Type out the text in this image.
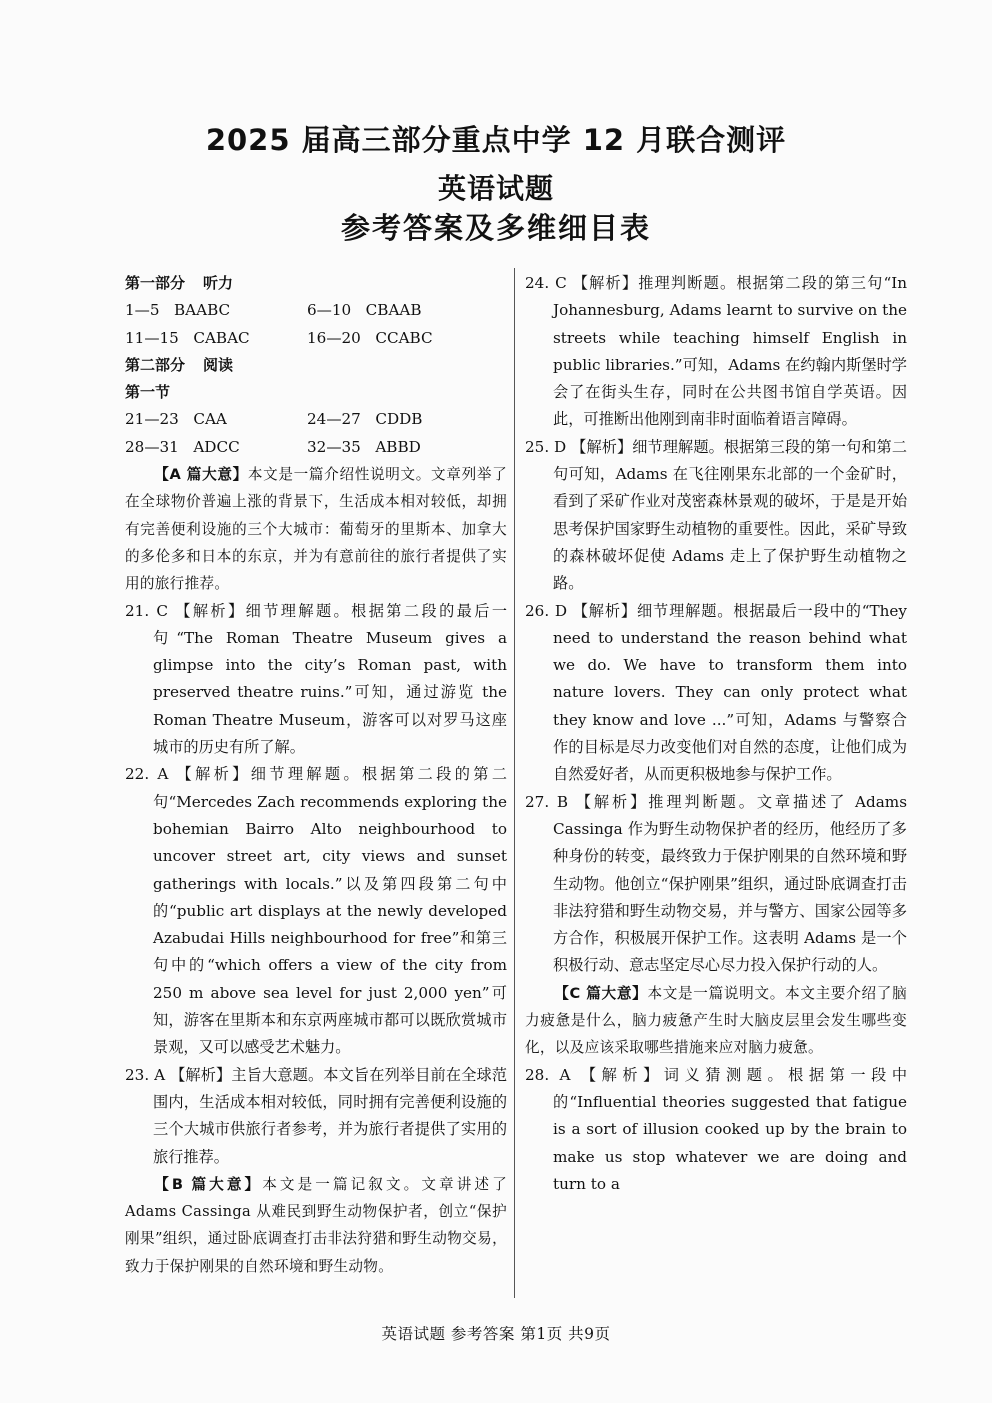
2025 届高三部分重点中学 12 月联合测评
英语试题
参考答案及多维细目表
第一部分 听力
1—5   BAABC	6—10   CBAAB
11—15   CABAC	16—20   CCABC
第二部分 阅读
第一节
21—23   CAA	24—27   CDDB
28—31   ADCC	32—35   ABBD
【A 篇大意】本文是一篇介绍性说明文。文章列举了在全球物价普遍上涨的背景下，生活成本相对较低，却拥有完善便利设施的三个大城市：葡萄牙的里斯本、加拿大的多伦多和日本的东京，并为有意前往的旅行者提供了实用的旅行推荐。
21. C 【解析】细节理解题。根据第二段的最后一句“The Roman Theatre Museum gives a glimpse into the city’s Roman past, with preserved theatre ruins.”可知，通过游览 the Roman Theatre Museum，游客可以对罗马这座城市的历史有所了解。
22. A 【解析】细节理解题。根据第二段的第二句“Mercedes Zach recommends exploring the bohemian Bairro Alto neighbourhood to uncover street art, city views and sunset gatherings with locals.”以及第四段第二句中的“public art displays at the newly developed Azabudai Hills neighbourhood for free”和第三句中的“which offers a view of the city from 250 m above sea level for just 2,000 yen”可知，游客在里斯本和东京两座城市都可以既欣赏城市景观，又可以感受艺术魅力。
23. A 【解析】主旨大意题。本文旨在列举目前在全球范围内，生活成本相对较低，同时拥有完善便利设施的三个大城市供旅行者参考，并为旅行者提供了实用的旅行推荐。
【B 篇大意】本文是一篇记叙文。文章讲述了 Adams Cassinga 从难民到野生动物保护者，创立“保护刚果”组织，通过卧底调查打击非法狩猎和野生动物交易，致力于保护刚果的自然环境和野生动物。
24. C 【解析】推理判断题。根据第二段的第三句“In Johannesburg, Adams learnt to survive on the streets while teaching himself English in public libraries.”可知，Adams 在约翰内斯堡时学会了在街头生存，同时在公共图书馆自学英语。因此，可推断出他刚到南非时面临着语言障碍。
25. D 【解析】细节理解题。根据第三段的第一句和第二句可知，Adams 在飞往刚果东北部的一个金矿时，看到了采矿作业对茂密森林景观的破坏，于是是开始思考保护国家野生动植物的重要性。因此，采矿导致的森林破坏促使 Adams 走上了保护野生动植物之路。
26. D 【解析】细节理解题。根据最后一段中的“They need to understand the reason behind what we do. We have to transform them into nature lovers. They can only protect what they know and love ...”可知，Adams 与警察合作的目标是尽力改变他们对自然的态度，让他们成为自然爱好者，从而更积极地参与保护工作。
27. B 【解析】推理判断题。文章描述了 Adams Cassinga 作为野生动物保护者的经历，他经历了多种身份的转变，最终致力于保护刚果的自然环境和野生动物。他创立“保护刚果”组织，通过卧底调查打击非法狩猎和野生动物交易，并与警方、国家公园等多方合作，积极展开保护工作。这表明 Adams 是一个积极行动、意志坚定尽心尽力投入保护行动的人。
【C 篇大意】本文是一篇说明文。本文主要介绍了脑力疲惫是什么，脑力疲惫产生时大脑皮层里会发生哪些变化，以及应该采取哪些措施来应对脑力疲惫。
28. A 【解析】词义猜测题。根据第一段中的“Influential theories suggested that fatigue is a sort of illusion cooked up by the brain to make us stop whatever we are doing and turn to a
英语试题 参考答案 第1页 共9页
